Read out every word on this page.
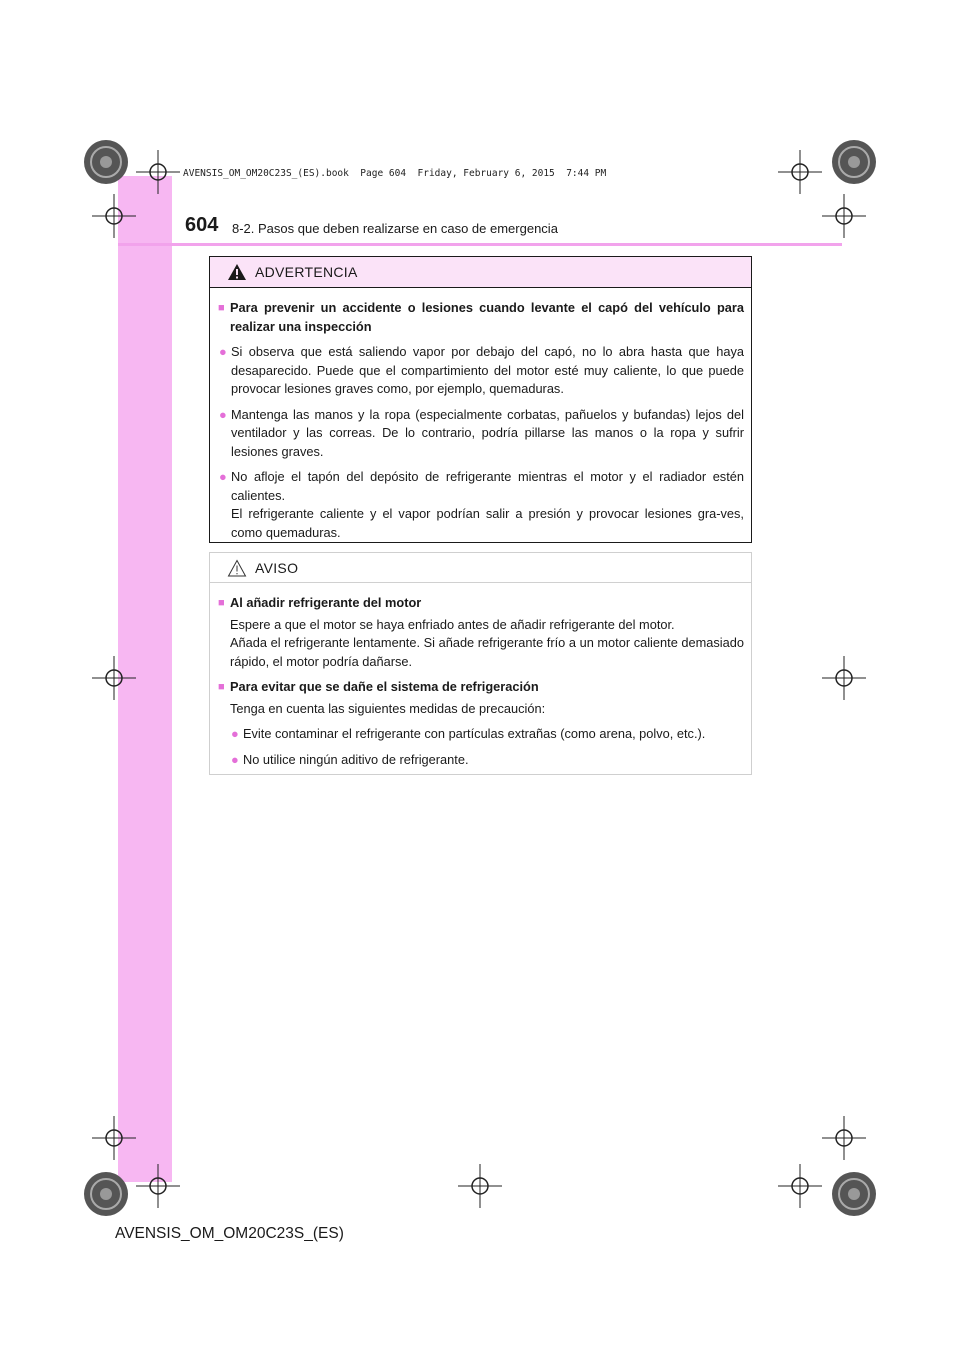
AVENSIS_OM_OM20C23S_(ES).book  Page 604  Friday, February 6, 2015  7:44 PM
604 8-2. Pasos que deben realizarse en caso de emergencia
ADVERTENCIA
■ Para prevenir un accidente o lesiones cuando levante el capó del vehículo para realizar una inspección
● Si observa que está saliendo vapor por debajo del capó, no lo abra hasta que haya desaparecido. Puede que el compartimiento del motor esté muy caliente, lo que puede provocar lesiones graves como, por ejemplo, quemaduras.
● Mantenga las manos y la ropa (especialmente corbatas, pañuelos y bufandas) lejos del ventilador y las correas. De lo contrario, podría pillarse las manos o la ropa y sufrir lesiones graves.
● No afloje el tapón del depósito de refrigerante mientras el motor y el radiador estén calientes.
El refrigerante caliente y el vapor podrían salir a presión y provocar lesiones gra-ves, como quemaduras.
AVISO
■ Al añadir refrigerante del motor
Espere a que el motor se haya enfriado antes de añadir refrigerante del motor.
Añada el refrigerante lentamente. Si añade refrigerante frío a un motor caliente demasiado rápido, el motor podría dañarse.
■ Para evitar que se dañe el sistema de refrigeración
Tenga en cuenta las siguientes medidas de precaución:
● Evite contaminar el refrigerante con partículas extrañas (como arena, polvo, etc.).
● No utilice ningún aditivo de refrigerante.
AVENSIS_OM_OM20C23S_(ES)
